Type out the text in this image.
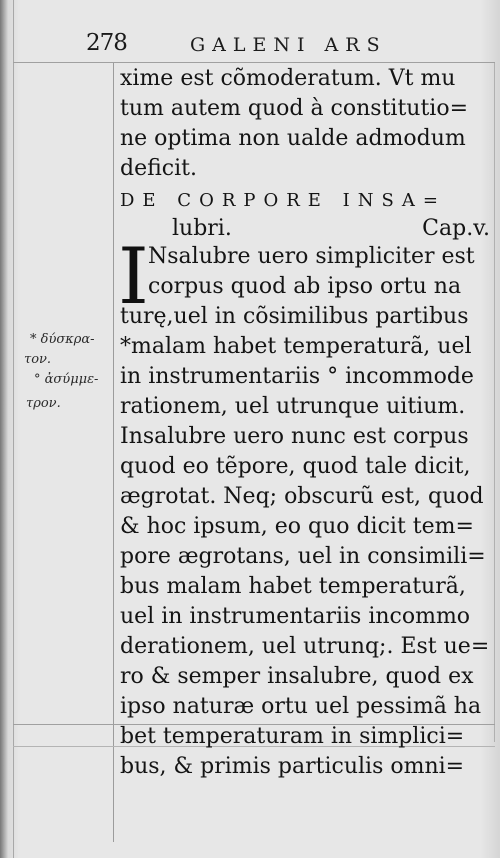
278	GALENI ARS
xime est cõmoderatum. Vt mu
tum autem quod à constitutio=
ne optima non ualde admodum
deficit.
DE CORPORE INSA=
lubri.	Cap.v.
Nsalubre uero simpliciter est
corpus quod ab ipso ortu na
turę,uel in cõsimilibus partibus
*malam habet temperaturã, uel
in instrumentariis ° incommode
rationem, uel utrunque uitium.
Insalubre uero nunc est corpus
quod eo tẽpore, quod tale dicit,
ægrotat. Neq; obscurũ est, quod
& hoc ipsum, eo quo dicit tem=
pore ægrotans, uel in consimili=
bus malam habet temperaturã,
uel in instrumentariis incommo
derationem, uel utrunq;. Est ue=
ro & semper insalubre, quod ex
ipso naturæ ortu uel pessimã ha
bet temperaturam in simplici=
bus, & primis particulis omni=
I
* δύσκρα-
τον.
° ἀσύμμε-
τρον.
